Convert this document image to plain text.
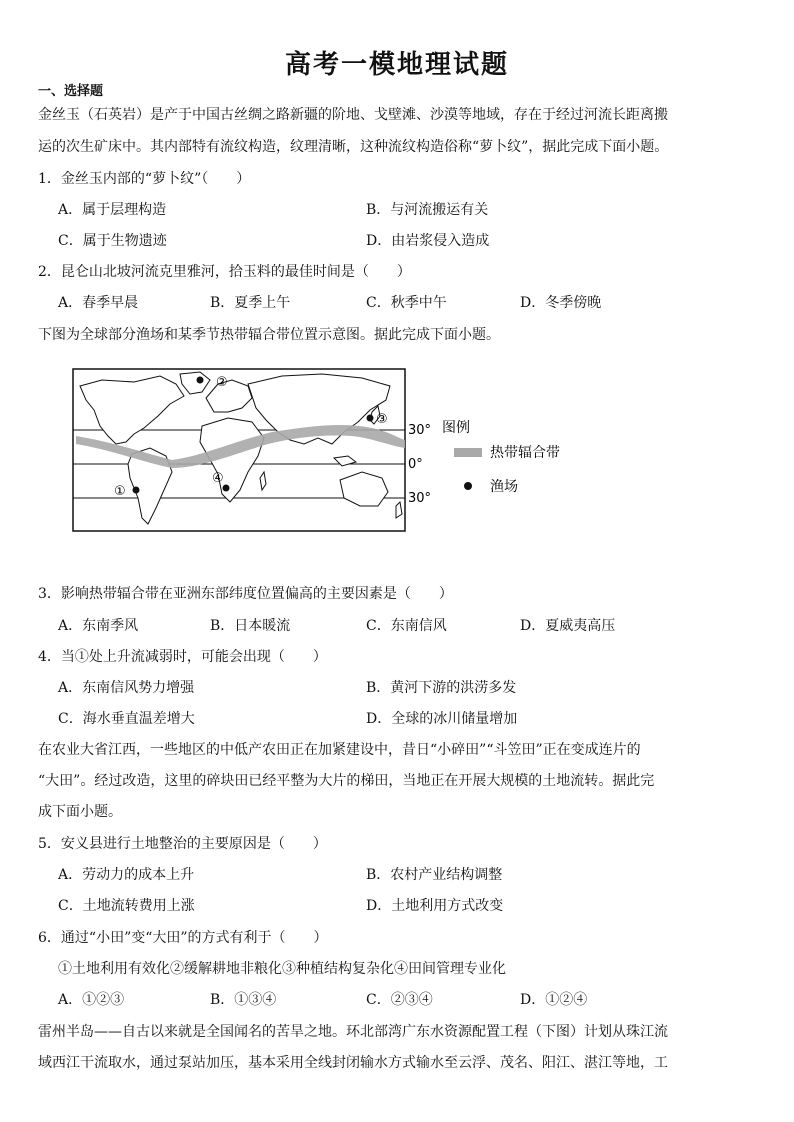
高考一模地理试题
一、选择题
金丝玉（石英岩）是产于中国古丝绸之路新疆的阶地、戈壁滩、沙漠等地域，存在于经过河流长距离搬
运的次生矿床中。其内部特有流纹构造，纹理清晰，这种流纹构造俗称“萝卜纹”，据此完成下面小题。
1．金丝玉内部的“萝卜纹”（　　）
A．属于层理构造	B．与河流搬运有关
C．属于生物遗迹	D．由岩浆侵入造成
2．昆仑山北坡河流克里雅河，拾玉料的最佳时间是（　　）
A．春季早晨	B．夏季上午	C．秋季中午	D．冬季傍晚
下图为全球部分渔场和某季节热带辐合带位置示意图。据此完成下面小题。
①
②
③
④
30°
0°
30°
图例
热带辐合带
渔场
3．影响热带辐合带在亚洲东部纬度位置偏高的主要因素是（　　）
A．东南季风	B．日本暖流	C．东南信风	D．夏威夷高压
4．当①处上升流减弱时，可能会出现（　　）
A．东南信风势力增强	B．黄河下游的洪涝多发
C．海水垂直温差增大	D．全球的冰川储量增加
在农业大省江西，一些地区的中低产农田正在加紧建设中，昔日“小碎田”“斗笠田”正在变成连片的
“大田”。经过改造，这里的碎块田已经平整为大片的梯田，当地正在开展大规模的土地流转。据此完
成下面小题。
5．安义县进行土地整治的主要原因是（　　）
A．劳动力的成本上升	B．农村产业结构调整
C．土地流转费用上涨	D．土地利用方式改变
6．通过“小田”变“大田”的方式有利于（　　）
①土地利用有效化②缓解耕地非粮化③种植结构复杂化④田间管理专业化
A．①②③	B．①③④	C．②③④	D．①②④
雷州半岛——自古以来就是全国闻名的苦旱之地。环北部湾广东水资源配置工程（下图）计划从珠江流
域西江干流取水，通过泵站加压，基本采用全线封闭输水方式输水至云浮、茂名、阳江、湛江等地，工
